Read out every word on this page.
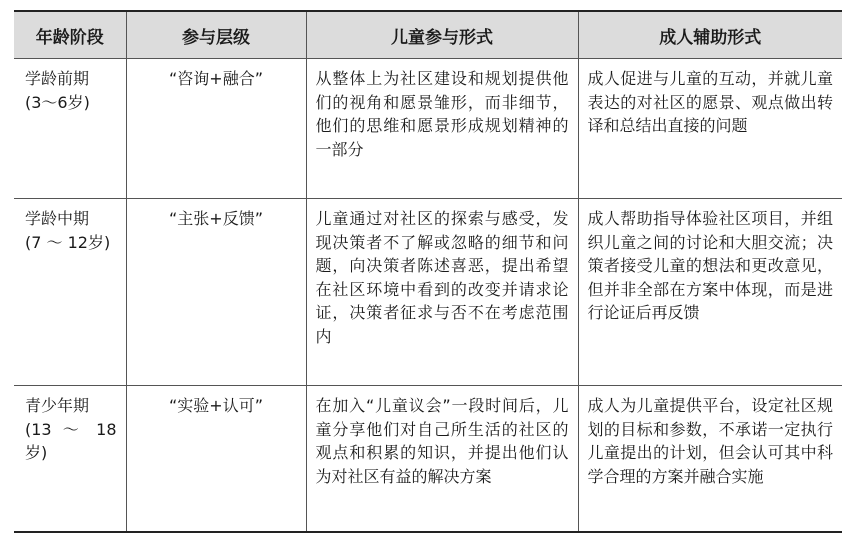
年龄阶段	参与层级	儿童参与形式	成人辅助形式
学龄前期
(3～6岁)	“咨询+融合”	从整体上为社区建设和规划提供他们的视角和愿景雏形，而非细节，他们的思维和愿景形成规划精神的一部分	成人促进与儿童的互动，并就儿童表达的对社区的愿景、观点做出转译和总结出直接的问题
学龄中期
(7 ～ 12岁)	“主张+反馈”	儿童通过对社区的探索与感受，发现决策者不了解或忽略的细节和问题，向决策者陈述喜恶，提出希望在社区环境中看到的改变并请求论证，决策者征求与否不在考虑范围内	成人帮助指导体验社区项目，并组织儿童之间的讨论和大胆交流；决策者接受儿童的想法和更改意见，但并非全部在方案中体现，而是进行论证后再反馈
青少年期
(13 ～ 18岁)	“实验+认可”	在加入“儿童议会”一段时间后，儿童分享他们对自己所生活的社区的观点和积累的知识，并提出他们认为对社区有益的解决方案	成人为儿童提供平台，设定社区规划的目标和参数，不承诺一定执行儿童提出的计划，但会认可其中科学合理的方案并融合实施
